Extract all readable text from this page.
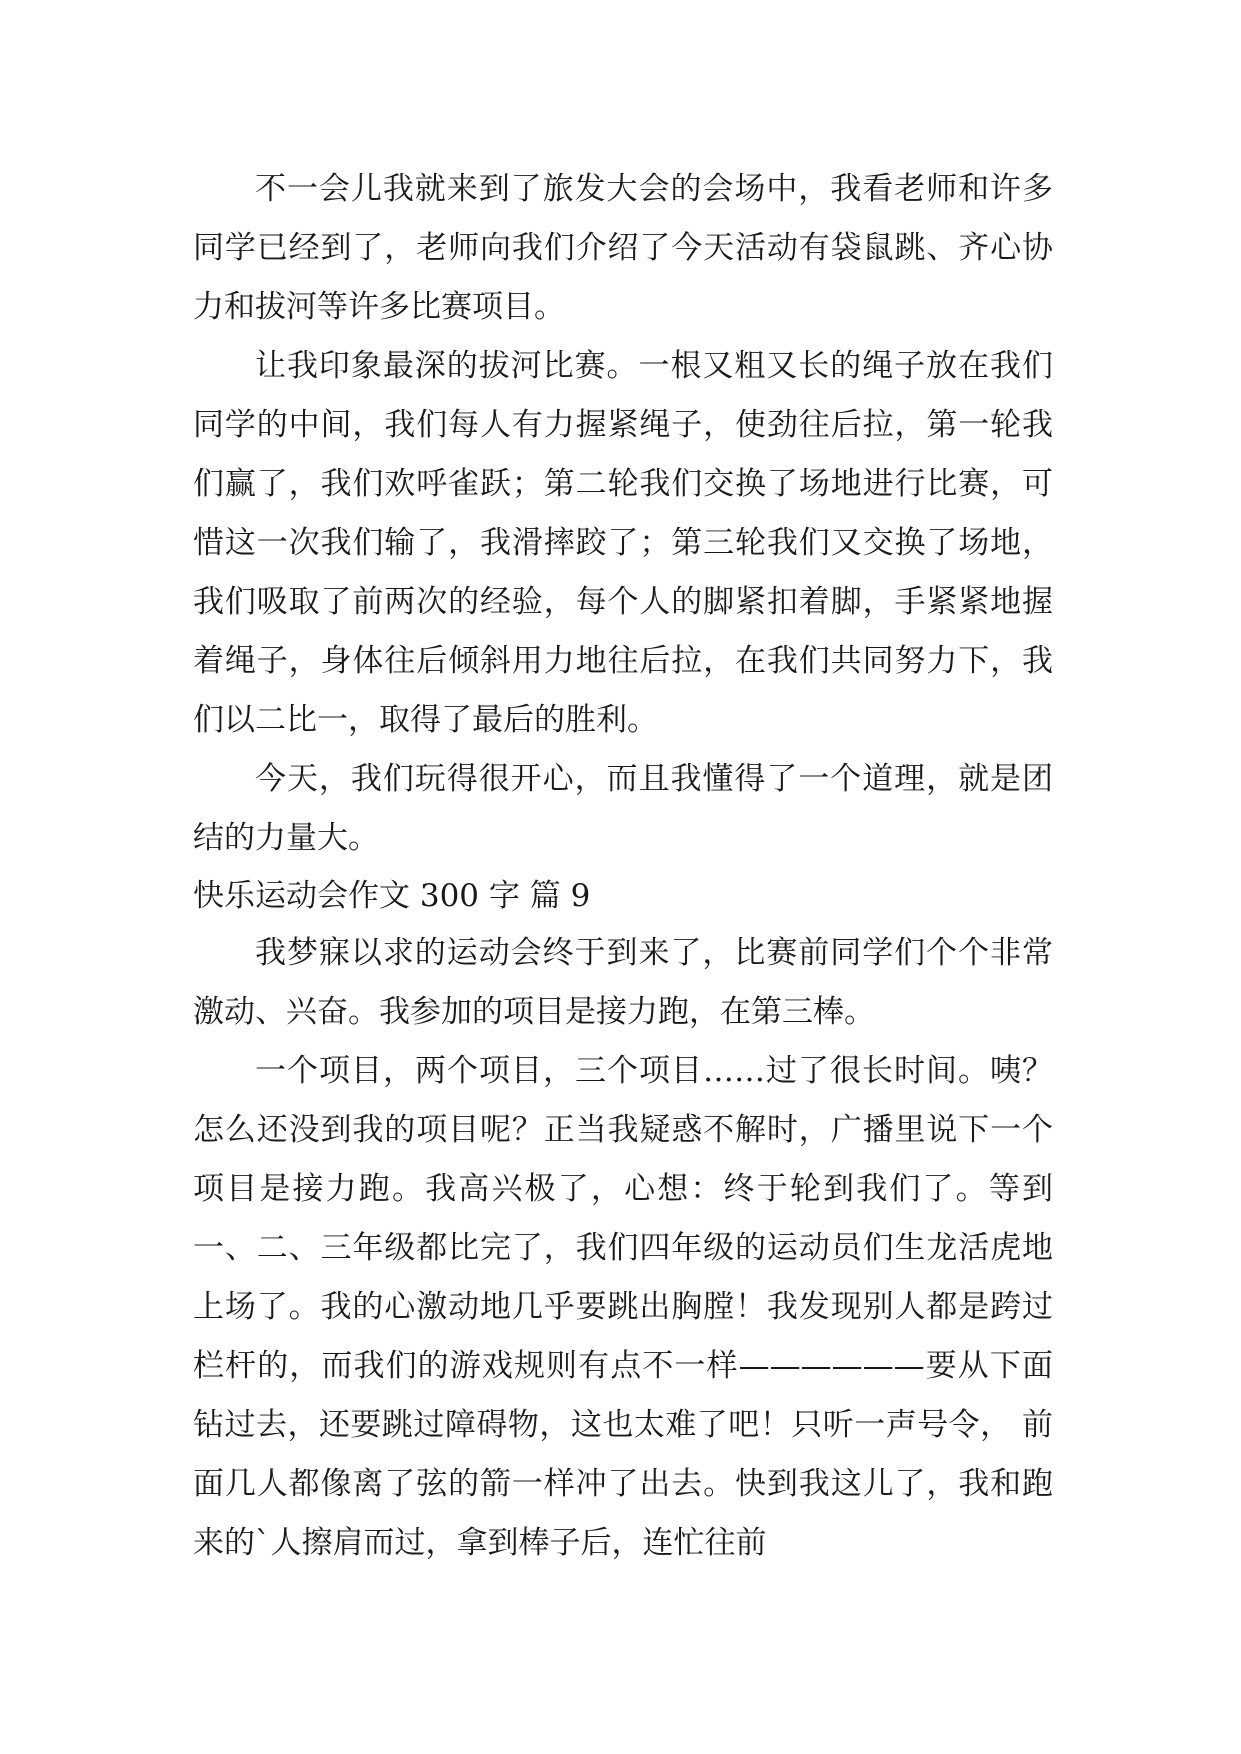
不一会儿我就来到了旅发大会的会场中，我看老师和许多同学已经到了，老师向我们介绍了今天活动有袋鼠跳、齐心协力和拔河等许多比赛项目。

让我印象最深的拔河比赛。一根又粗又长的绳子放在我们同学的中间，我们每人有力握紧绳子，使劲往后拉，第一轮我们赢了，我们欢呼雀跃；第二轮我们交换了场地进行比赛，可惜这一次我们输了，我滑摔跤了；第三轮我们又交换了场地，我们吸取了前两次的经验，每个人的脚紧扣着脚，手紧紧地握着绳子，身体往后倾斜用力地往后拉，在我们共同努力下，我们以二比一，取得了最后的胜利。

今天，我们玩得很开心，而且我懂得了一个道理，就是团结的力量大。

快乐运动会作文 300 字 篇 9

我梦寐以求的运动会终于到来了，比赛前同学们个个非常激动、兴奋。我参加的项目是接力跑，在第三棒。

一个项目，两个项目，三个项目……过了很长时间。咦？怎么还没到我的项目呢？正当我疑惑不解时，广播里说下一个项目是接力跑。我高兴极了，心想：终于轮到我们了。等到一、二、三年级都比完了，我们四年级的运动员们生龙活虎地上场了。我的心激动地几乎要跳出胸膛！我发现别人都是跨过栏杆的，而我们的游戏规则有点不一样——————要从下面钻过去，还要跳过障碍物，这也太难了吧！只听一声号令， 前面几人都像离了弦的箭一样冲了出去。快到我这儿了，我和跑来的`人擦肩而过，拿到棒子后，连忙往前
